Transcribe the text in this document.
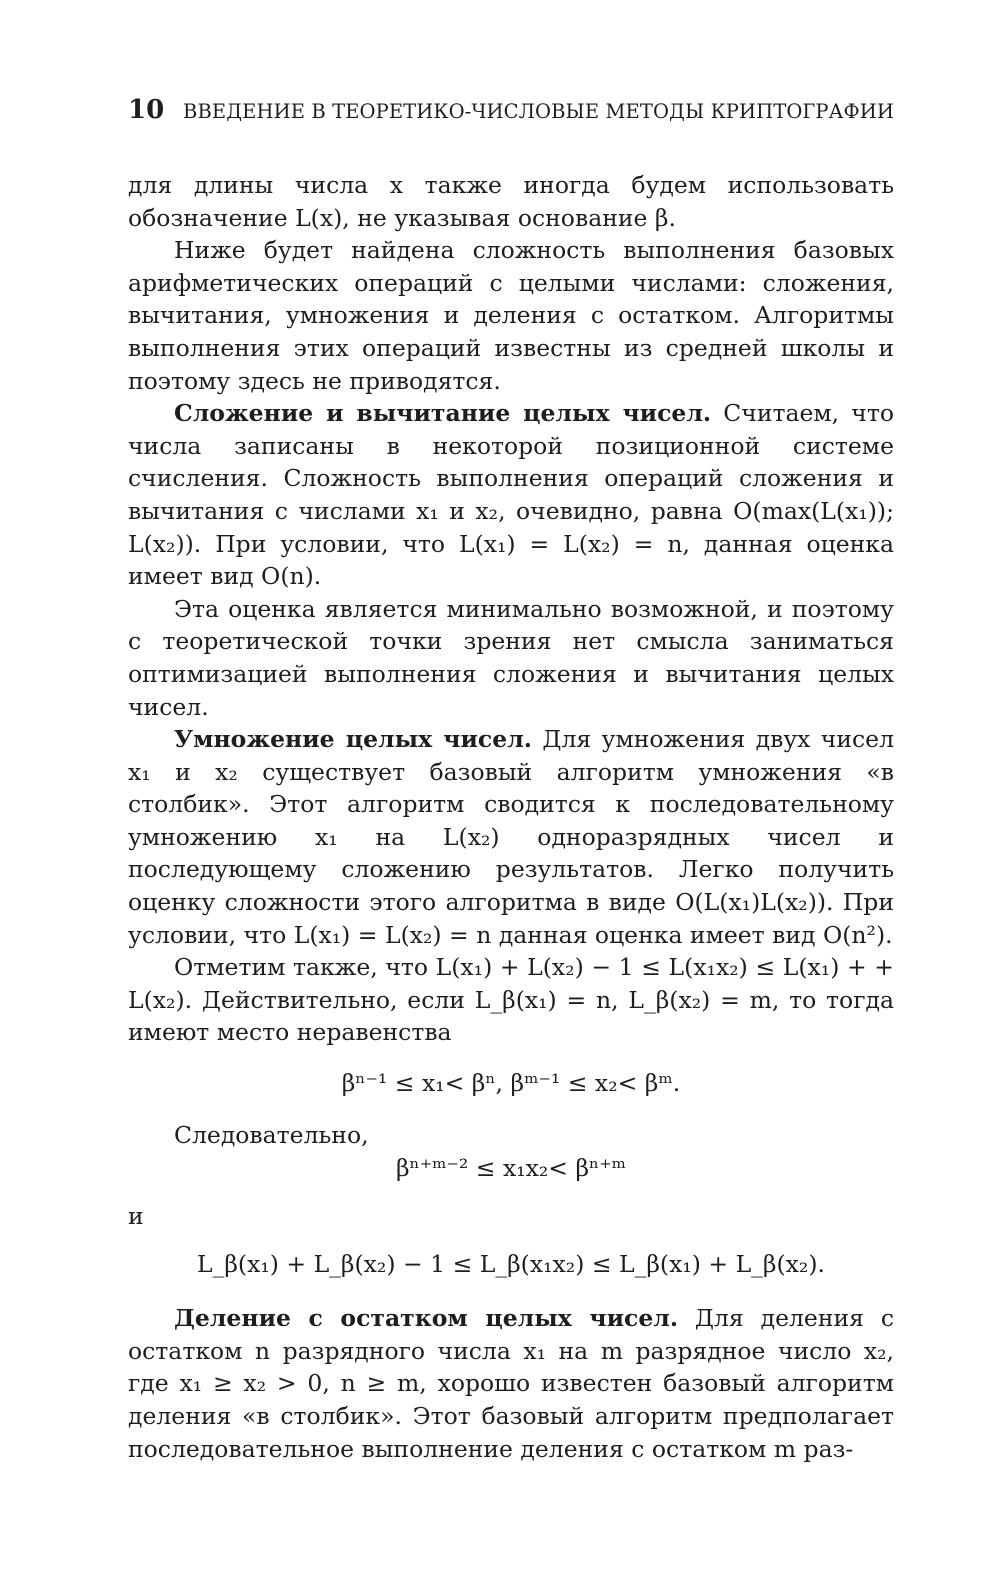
10 ВВЕДЕНИЕ В ТЕОРЕТИКО-ЧИСЛОВЫЕ МЕТОДЫ КРИПТОГРАФИИ

для длины числа x также иногда будем использовать обозначение L(x), не указывая основание β.

Ниже будет найдена сложность выполнения базовых арифметических операций с целыми числами: сложения, вычитания, умножения и деления с остатком. Алгоритмы выполнения этих операций известны из средней школы и поэтому здесь не приводятся.

Сложение и вычитание целых чисел. Считаем, что числа записаны в некоторой позиционной системе счисления. Сложность выполнения операций сложения и вычитания с числами x₁ и x₂, очевидно, равна O(max(L(x₁)); L(x₂)). При условии, что L(x₁) = L(x₂) = n, данная оценка имеет вид O(n).

Эта оценка является минимально возможной, и поэтому с теоретической точки зрения нет смысла заниматься оптимизацией выполнения сложения и вычитания целых чисел.

Умножение целых чисел. Для умножения двух чисел x₁ и x₂ существует базовый алгоритм умножения «в столбик». Этот алгоритм сводится к последовательному умножению x₁ на L(x₂) одноразрядных чисел и последующему сложению результатов. Легко получить оценку сложности этого алгоритма в виде O(L(x₁)L(x₂)). При условии, что L(x₁) = L(x₂) = n данная оценка имеет вид O(n²).

Отметим также, что L(x₁) + L(x₂) − 1 ≤ L(x₁x₂) ≤ L(x₁) + + L(x₂). Действительно, если L_β(x₁) = n, L_β(x₂) = m, то тогда имеют место неравенства

βⁿ⁻¹ ≤ x₁< βⁿ, βᵐ⁻¹ ≤ x₂< βᵐ.

Следовательно,

βⁿ⁺ᵐ⁻² ≤ x₁x₂< βⁿ⁺ᵐ

и

L_β(x₁) + L_β(x₂) − 1 ≤ L_β(x₁x₂) ≤ L_β(x₁) + L_β(x₂).

Деление с остатком целых чисел. Для деления с остатком n разрядного числа x₁ на m разрядное число x₂, где x₁ ≥ x₂ > 0, n ≥ m, хорошо известен базовый алгоритм деления «в столбик». Этот базовый алгоритм предполагает последовательное выполнение деления с остатком m раз-
